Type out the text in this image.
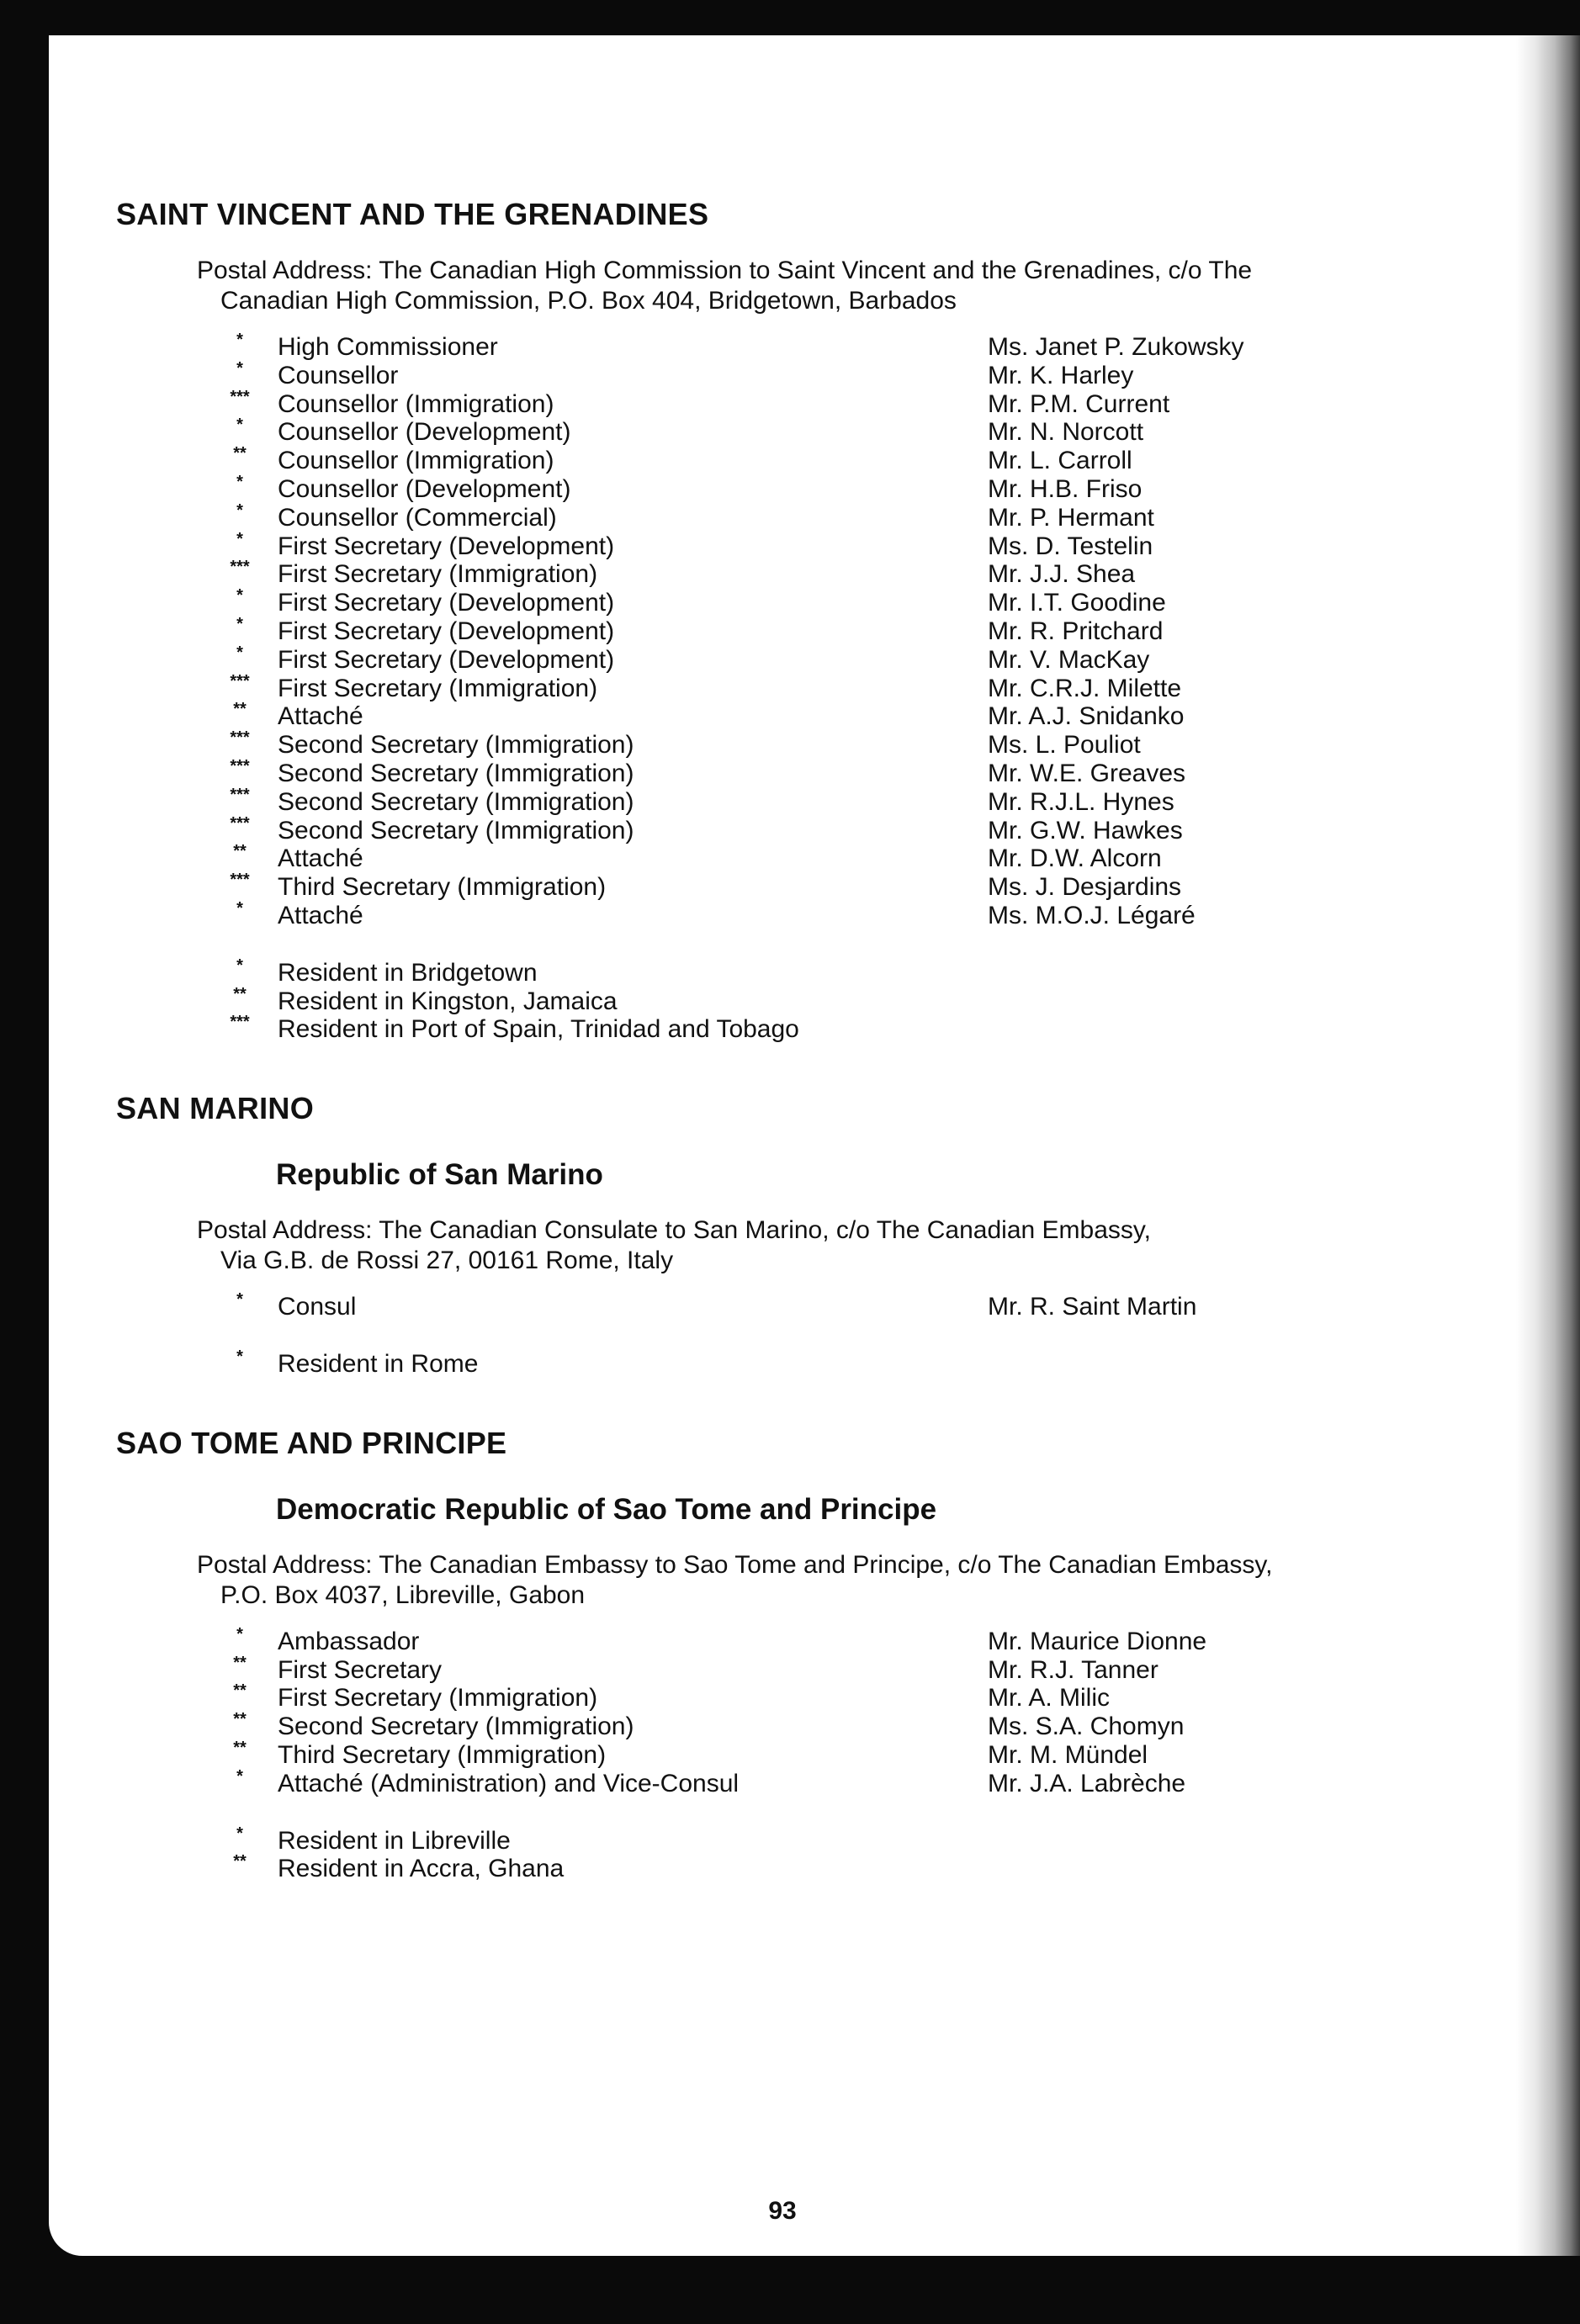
SAINT VINCENT AND THE GRENADINES

Postal Address: The Canadian High Commission to Saint Vincent and the Grenadines, c/o The
Canadian High Commission, P.O. Box 404, Bridgetown, Barbados

*	High Commissioner	Ms. Janet P. Zukowsky
*	Counsellor	Mr. K. Harley
***	Counsellor (Immigration)	Mr. P.M. Current
*	Counsellor (Development)	Mr. N. Norcott
**	Counsellor (Immigration)	Mr. L. Carroll
*	Counsellor (Development)	Mr. H.B. Friso
*	Counsellor (Commercial)	Mr. P. Hermant
*	First Secretary (Development)	Ms. D. Testelin
***	First Secretary (Immigration)	Mr. J.J. Shea
*	First Secretary (Development)	Mr. I.T. Goodine
*	First Secretary (Development)	Mr. R. Pritchard
*	First Secretary (Development)	Mr. V. MacKay
***	First Secretary (Immigration)	Mr. C.R.J. Milette
**	Attaché	Mr. A.J. Snidanko
***	Second Secretary (Immigration)	Ms. L. Pouliot
***	Second Secretary (Immigration)	Mr. W.E. Greaves
***	Second Secretary (Immigration)	Mr. R.J.L. Hynes
***	Second Secretary (Immigration)	Mr. G.W. Hawkes
**	Attaché	Mr. D.W. Alcorn
***	Third Secretary (Immigration)	Ms. J. Desjardins
*	Attaché	Ms. M.O.J. Légaré
*	Resident in Bridgetown
**	Resident in Kingston, Jamaica
***	Resident in Port of Spain, Trinidad and Tobago
SAN MARINO
Republic of San Marino

Postal Address: The Canadian Consulate to San Marino, c/o The Canadian Embassy,
Via G.B. de Rossi 27, 00161 Rome, Italy

*	Consul	Mr. R. Saint Martin
*	Resident in Rome
SAO TOME AND PRINCIPE
Democratic Republic of Sao Tome and Principe

Postal Address: The Canadian Embassy to Sao Tome and Principe, c/o The Canadian Embassy,
P.O. Box 4037, Libreville, Gabon

*	Ambassador	Mr. Maurice Dionne
**	First Secretary	Mr. R.J. Tanner
**	First Secretary (Immigration)	Mr. A. Milic
**	Second Secretary (Immigration)	Ms. S.A. Chomyn
**	Third Secretary (Immigration)	Mr. M. Mündel
*	Attaché (Administration) and Vice-Consul	Mr. J.A. Labrèche
*	Resident in Libreville
**	Resident in Accra, Ghana
93
